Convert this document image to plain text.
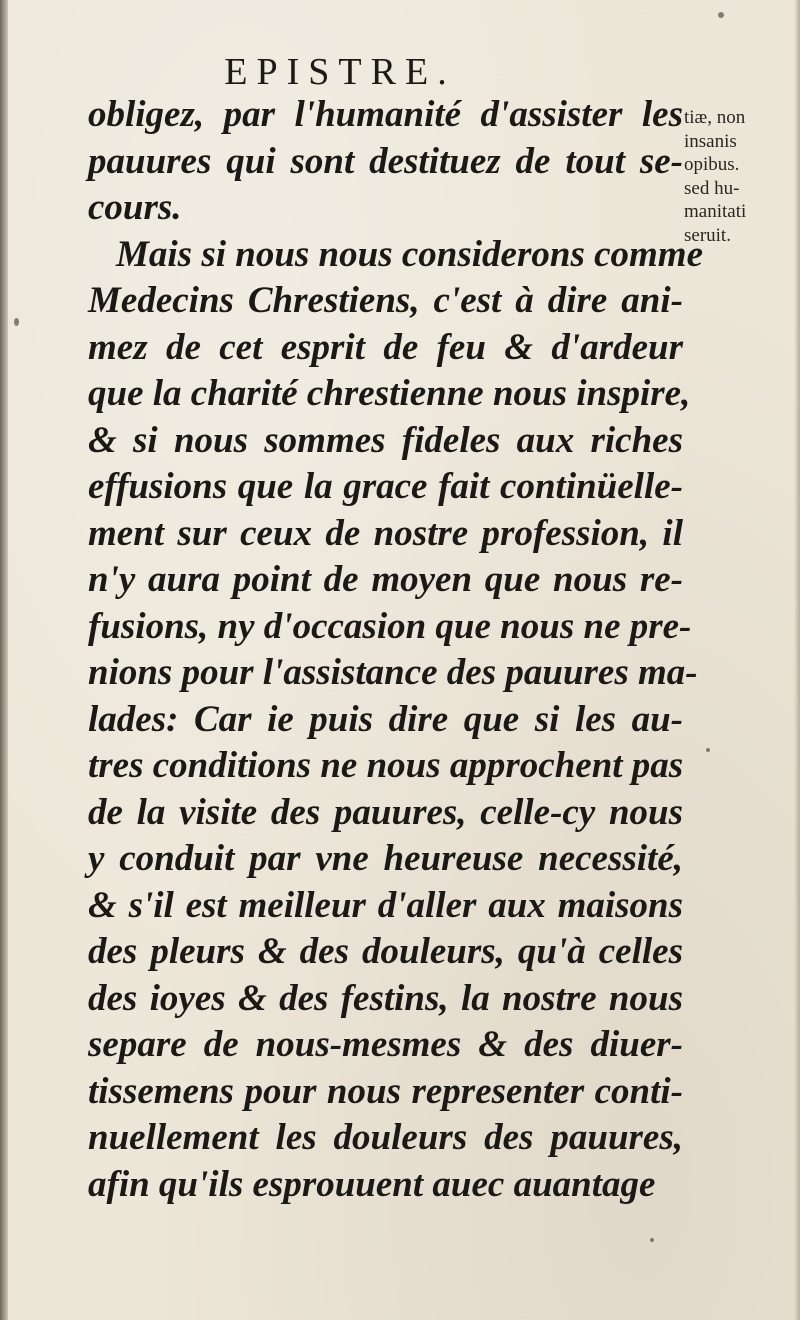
EPISTRE.
obligez, par l'humanité d'assister les
pauures qui sont destituez de tout se-
cours.
Mais si nous nous considerons comme
Medecins Chrestiens, c'est à dire ani-
mez de cet esprit de feu & d'ardeur
que la charité chrestienne nous inspire,
& si nous sommes fideles aux riches
effusions que la grace fait continüelle-
ment sur ceux de nostre profession, il
n'y aura point de moyen que nous re-
fusions, ny d'occasion que nous ne pre-
nions pour l'assistance des pauures ma-
lades: Car ie puis dire que si les au-
tres conditions ne nous approchent pas
de la visite des pauures, celle-cy nous
y conduit par vne heureuse necessité,
& s'il est meilleur d'aller aux maisons
des pleurs & des douleurs, qu'à celles
des ioyes & des festins, la nostre nous
separe de nous-mesmes & des diuer-
tissemens pour nous representer conti-
nuellement les douleurs des pauures,
afin qu'ils esprouuent auec auantage
tiæ, non
insanis
opibus.
sed hu-
manitati
seruit.
